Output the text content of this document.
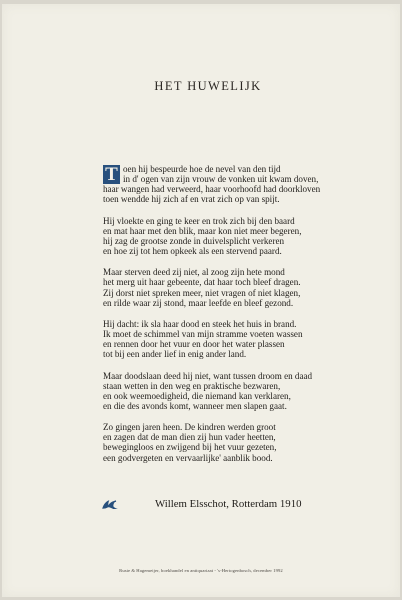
HET HUWELIJK
T oen hij bespeurde hoe de nevel van den tijd
in d' ogen van zijn vrouw de vonken uit kwam doven,
haar wangen had verweerd, haar voorhoofd had doorkloven
toen wendde hij zich af en vrat zich op van spijt.
Hij vloekte en ging te keer en trok zich bij den baard
en mat haar met den blik, maar kon niet meer begeren,
hij zag de grootse zonde in duivelsplicht verkeren
en hoe zij tot hem opkeek als een stervend paard.
Maar sterven deed zij niet, al zoog zijn hete mond
het merg uit haar gebeente, dat haar toch bleef dragen.
Zij dorst niet spreken meer, niet vragen of niet klagen,
en rilde waar zij stond, maar leefde en bleef gezond.
Hij dacht: ik sla haar dood en steek het huis in brand.
Ik moet de schimmel van mijn stramme voeten wassen
en rennen door het vuur en door het water plassen
tot bij een ander lief in enig ander land.
Maar doodslaan deed hij niet, want tussen droom en daad
staan wetten in den weg en praktische bezwaren,
en ook weemoedigheid, die niemand kan verklaren,
en die des avonds komt, wanneer men slapen gaat.
Zo gingen jaren heen. De kindren werden groot
en zagen dat de man dien zij hun vader heetten,
bewegingloos en zwijgend bij het vuur gezeten,
een godvergeten en vervaarlijke' aanblik bood.
Willem Elsschot, Rotterdam 1910
Ruste & Hagemeijer, boekhandel en antiquariaat - 's-Hertogenbosch, december 1992
